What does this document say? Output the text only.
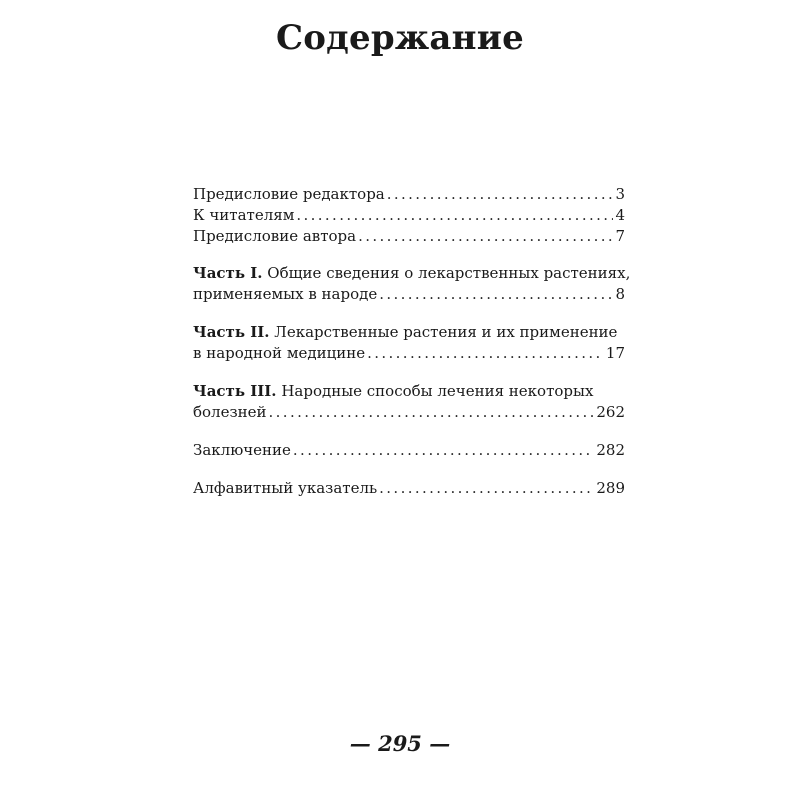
Содержание
Предисловие редактора . . .	3
К читателям . . .	4
Предисловие автора . . .	7
Часть I. Общие сведения о лекарственных растениях,
применяемых в народе . . .	8
Часть II. Лекарственные растения и их применение
в народной медицине . . .	17
Часть III. Народные способы лечения некоторых
болезней . . .	262
Заключение . . .	282
Алфавитный указатель . . .	289
— 295 —
